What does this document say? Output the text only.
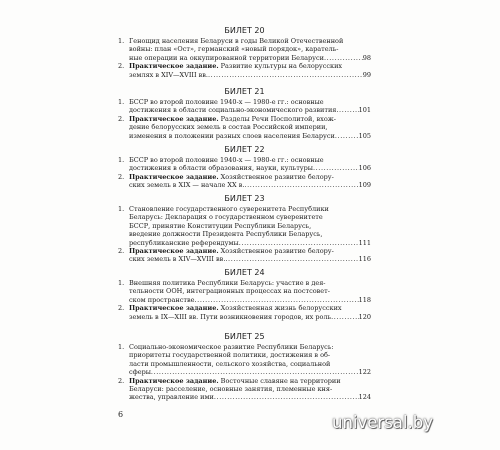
БИЛЕТ 20
1. Генощид населения Беларуси в годы Великой Отечественной
войны: план «Ост», германский «новый порядок», каратель-
ные операции на оккупированной территории Беларуси .....	98
2. Практическое задание. Развитие культуры на белорусских
землях в XIV—XVIII вв. .....	99
БИЛЕТ 21
1. БССР во второй половине 1940-х — 1980-е гг.: основные
достижения в области социально-экономического развития .....	101
2. Практическое задание. Разделы Речи Посполитой, вхож-
дение белорусских земель в состав Российской империи,
изменения в положении разных слоев населения Беларуси .....	105
БИЛЕТ 22
1. БССР во второй половине 1940-х — 1980-е гг.: основные
достижения в области образования, науки, культуры .....	106
2. Практическое задание. Хозяйственное развитие белору-
ских земель в XIX — начале XX в. .....	109
БИЛЕТ 23
1. Становление государственного суверенитета Республики
Беларусь: Декларация о государственном суверенитете
БССР, принятие Конституции Республики Беларусь,
введение должности Президента Республики Беларусь,
республиканские референдумы .....	111
2. Практическое задание. Хозяйственное развитие белору-
ских земель в XIV—XVIII вв. .....	116
БИЛЕТ 24
1. Внешняя политика Республики Беларусь: участие в дея-
тельности ООН, интеграционных процессах на постсовет-
ском пространстве .....	118
2. Практическое задание. Хозяйственная жизнь белорусских
земель в IX—XIII вв. Пути возникновения городов, их роль .....	120
БИЛЕТ 25
1. Социально-экономическое развитие Республики Беларусь:
приоритеты государственной политики, достижения в об-
ласти промышленности, сельского хозяйства, социальной
сферы .....	122
2. Практическое задание. Восточные славяне на территории
Беларуси: расселение, основные занятия, племенные кня-
жества, управление ими .....	124
6	universal.by
